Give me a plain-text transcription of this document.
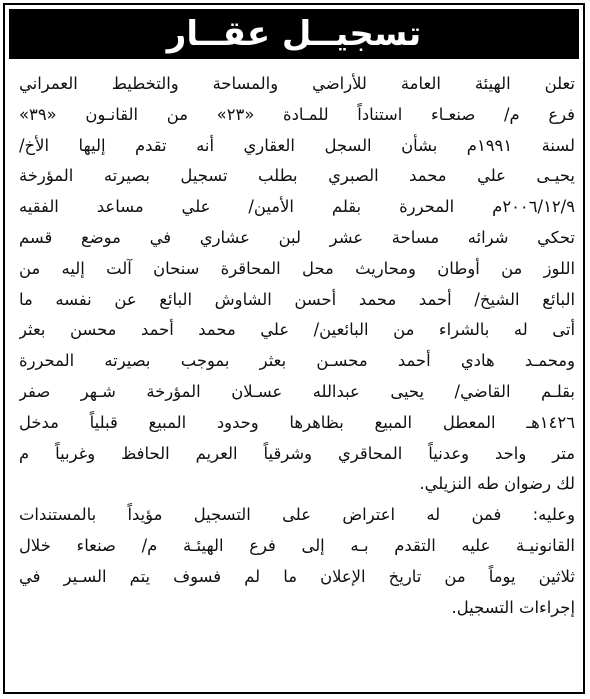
تسجيــل عقــار
تعلن الهيئة العامة للأراضي والمساحة والتخطيط العمراني
فرع م/ صنعـاء استناداً للمـادة «٢٣» من القانـون «٣٩»
لسنة ١٩٩١م بشأن السجل العقاري أنه تقدم إليها الأخ/
يحيـى علي محمد الصبري بطلب تسجيل بصيرته المؤرخة
٢٠٠٦/١٢/٩م المحررة بقلم الأمين/ علي مساعد الفقيه
تحكي شرائه مساحة عشر لبن عشاري في موضع قسم
اللوز من أوطان ومحاريث محل المحاقرة سنحان آلت إليه من
البائع الشيخ/ أحمد محمد أحسن الشاوش البائع عن نفسه ما
أتى له بالشراء من البائعين/ علي محمد أحمد محسن بعثر
ومحمـد هادي أحمد محسـن بعثر بموجب بصيرته المحررة
بقلـم القاضي/ يحيى عبدالله عسـلان المؤرخة شـهر صفر
١٤٢٦هـ المعطل المبيع بظاهرها وحدود المبيع قبلياً مدخل
متر واحد وعدنياً المحاقري وشرقياً العريم الحافظ وغربياً م
لك رضوان طه النزيلي.
وعليه: فمن له اعتراض على التسجيل مؤيداً بالمستندات
القانونيـة عليه التقدم بـه إلى فرع الهيئـة م/ صنعاء خلال
ثلاثين يوماً من تاريخ الإعلان ما لم فسوف يتم السـير في
إجراءات التسجيل.
